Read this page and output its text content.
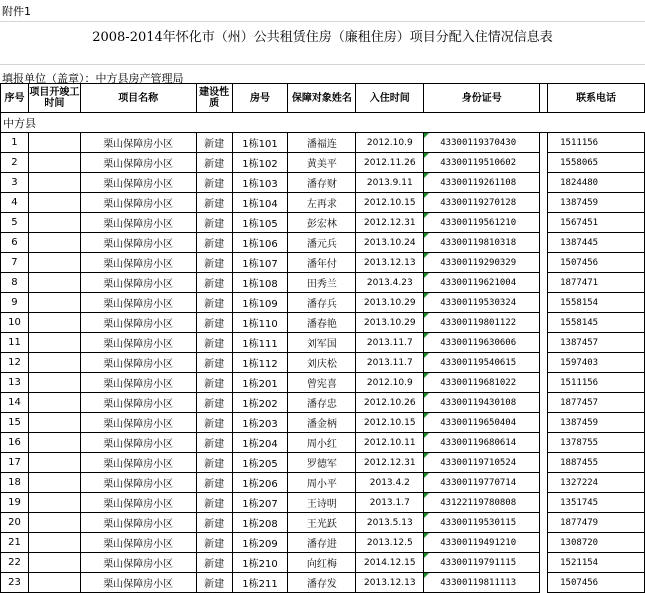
附件1
2008-2014年怀化市（州）公共租赁住房（廉租住房）项目分配入住情况信息表
填报单位（盖章）：中方县房产管理局
序号	项目开竣工时间	项目名称	建设性质	房号	保障对象姓名	入住时间	身份证号		联系电话
中方县									
1		栗山保障房小区	新建	1栋101	潘福连	2012.10.9	43300119370430		1511156
2		栗山保障房小区	新建	1栋102	黄美平	2012.11.26	43300119510602		1558065
3		栗山保障房小区	新建	1栋103	潘存财	2013.9.11	43300119261108		1824480
4		栗山保障房小区	新建	1栋104	左再求	2012.10.15	43300119270128		1387459
5		栗山保障房小区	新建	1栋105	彭宏林	2012.12.31	43300119561210		1567451
6		栗山保障房小区	新建	1栋106	潘元兵	2013.10.24	43300119810318		1387445
7		栗山保障房小区	新建	1栋107	潘年付	2013.12.13	43300119290329		1507456
8		栗山保障房小区	新建	1栋108	田秀兰	2013.4.23	43300119621004		1877471
9		栗山保障房小区	新建	1栋109	潘存兵	2013.10.29	43300119530324		1558154
10		栗山保障房小区	新建	1栋110	潘春艳	2013.10.29	43300119801122		1558145
11		栗山保障房小区	新建	1栋111	刘军国	2013.11.7	43300119630606		1387457
12		栗山保障房小区	新建	1栋112	刘庆松	2013.11.7	43300119540615		1597403
13		栗山保障房小区	新建	1栋201	曾宪喜	2012.10.9	43300119681022		1511156
14		栗山保障房小区	新建	1栋202	潘存忠	2012.10.26	43300119430108		1877457
15		栗山保障房小区	新建	1栋203	潘金柄	2012.10.15	43300119650404		1387459
16		栗山保障房小区	新建	1栋204	周小红	2012.10.11	43300119680614		1378755
17		栗山保障房小区	新建	1栋205	罗德军	2012.12.31	43300119710524		1887455
18		栗山保障房小区	新建	1栋206	周小平	2013.4.2	43300119770714		1327224
19		栗山保障房小区	新建	1栋207	王诗明	2013.1.7	43122119780808		1351745
20		栗山保障房小区	新建	1栋208	王光跃	2013.5.13	43300119530115		1877479
21		栗山保障房小区	新建	1栋209	潘存进	2013.12.5	43300119491210		1308720
22		栗山保障房小区	新建	1栋210	向红梅	2014.12.15	43300119791115		1521154
23		栗山保障房小区	新建	1栋211	潘存发	2013.12.13	43300119811113		1507456
